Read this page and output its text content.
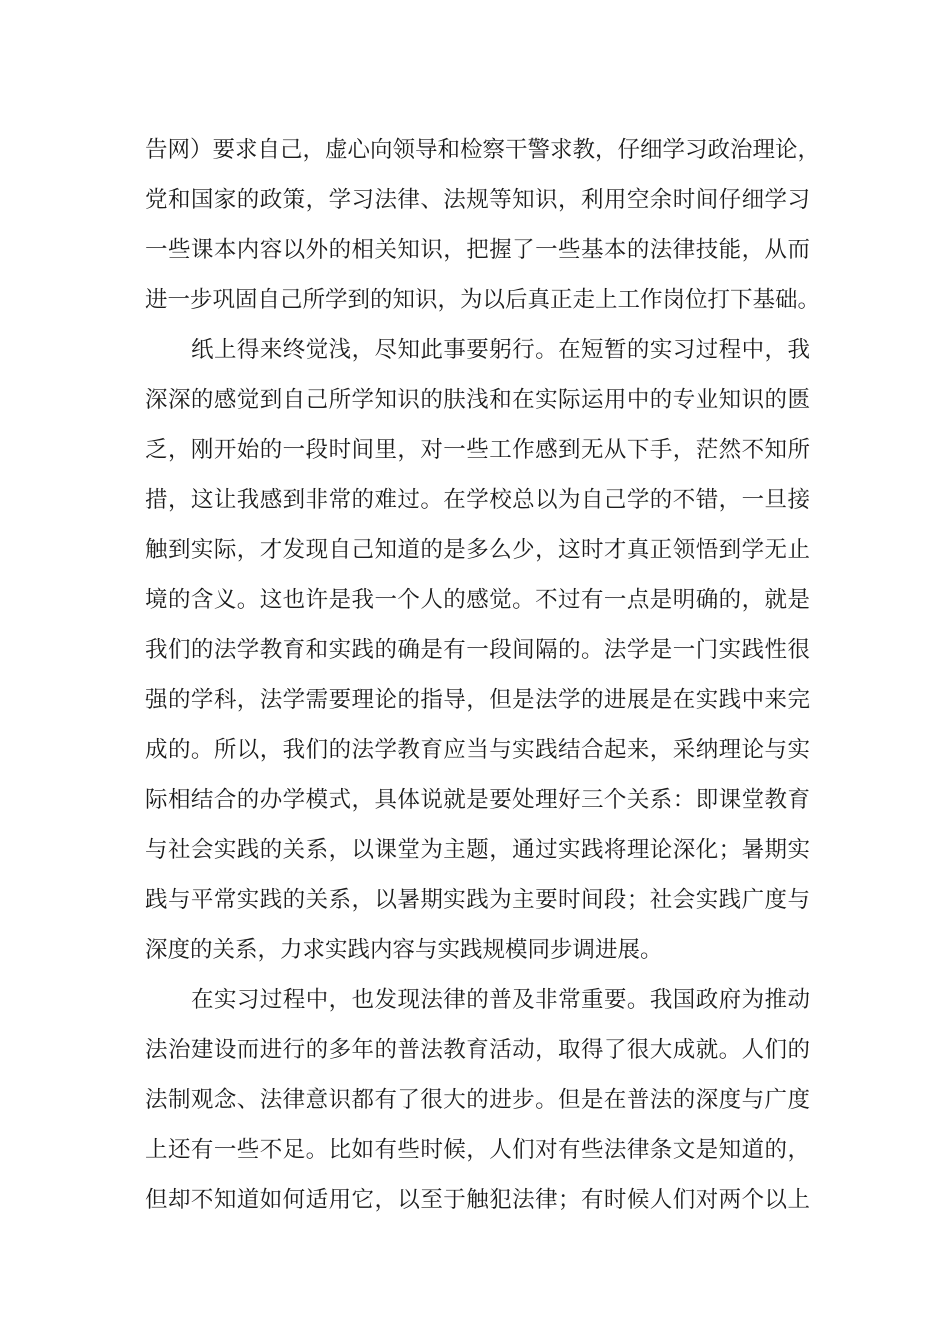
告网）要求自己，虚心向领导和检察干警求教，仔细学习政治理论，
党和国家的政策，学习法律、法规等知识，利用空余时间仔细学习
一些课本内容以外的相关知识，把握了一些基本的法律技能，从而
进一步巩固自己所学到的知识，为以后真正走上工作岗位打下基础。
纸上得来终觉浅，尽知此事要躬行。在短暂的实习过程中，我
深深的感觉到自己所学知识的肤浅和在实际运用中的专业知识的匮
乏，刚开始的一段时间里，对一些工作感到无从下手，茫然不知所
措，这让我感到非常的难过。在学校总以为自己学的不错，一旦接
触到实际，才发现自己知道的是多么少，这时才真正领悟到学无止
境的含义。这也许是我一个人的感觉。不过有一点是明确的，就是
我们的法学教育和实践的确是有一段间隔的。法学是一门实践性很
强的学科，法学需要理论的指导，但是法学的进展是在实践中来完
成的。所以，我们的法学教育应当与实践结合起来，采纳理论与实
际相结合的办学模式，具体说就是要处理好三个关系：即课堂教育
与社会实践的关系，以课堂为主题，通过实践将理论深化；暑期实
践与平常实践的关系，以暑期实践为主要时间段；社会实践广度与
深度的关系，力求实践内容与实践规模同步调进展。
在实习过程中，也发现法律的普及非常重要。我国政府为推动
法治建设而进行的多年的普法教育活动，取得了很大成就。人们的
法制观念、法律意识都有了很大的进步。但是在普法的深度与广度
上还有一些不足。比如有些时候，人们对有些法律条文是知道的，
但却不知道如何适用它，以至于触犯法律；有时候人们对两个以上
